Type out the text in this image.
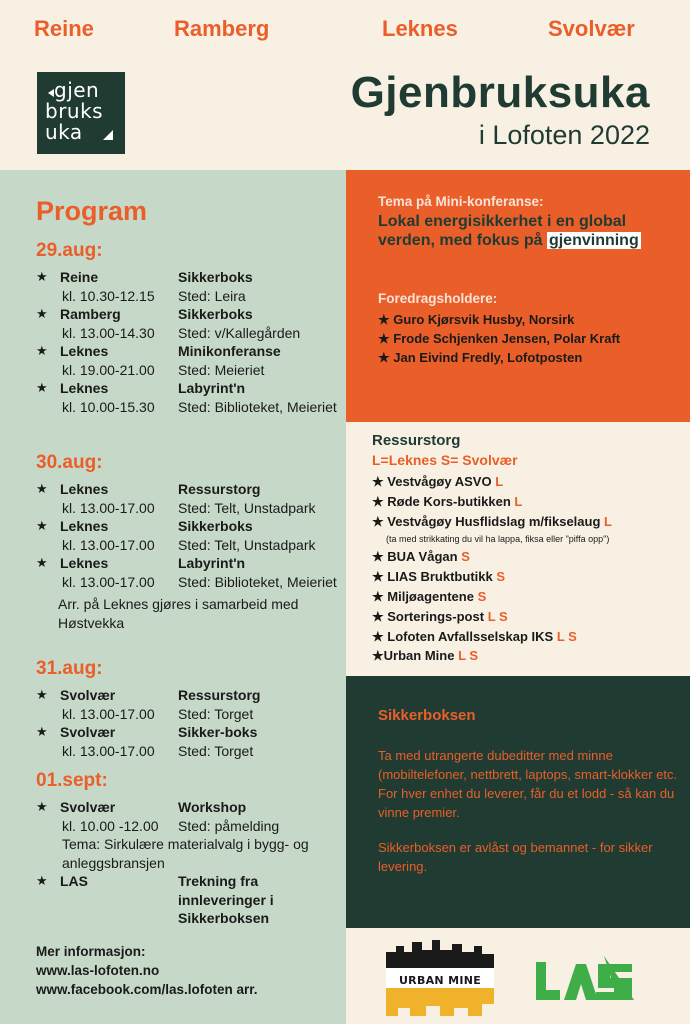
Reine	Ramberg	Leknes	Svolvær
gjen
bruks
uka
Gjenbruksuka
i Lofoten 2022
Program
29.aug:
★ Reine	Sikkerboks
kl. 10.30-12.15	Sted: Leira
★ Ramberg	Sikkerboks
kl. 13.00-14.30	Sted: v/Kallegården
★ Leknes	Minikonferanse
kl. 19.00-21.00	Sted: Meieriet
★ Leknes	Labyrint'n
kl. 10.00-15.30	Sted: Biblioteket, Meieriet
30.aug:
★ Leknes	Ressurstorg
kl. 13.00-17.00	Sted: Telt, Unstadpark
★ Leknes	Sikkerboks
kl. 13.00-17.00	Sted: Telt, Unstadpark
★ Leknes	Labyrint'n
kl. 13.00-17.00	Sted: Biblioteket, Meieriet
Arr. på Leknes gjøres i samarbeid med Høstvekka
31.aug:
★ Svolvær	Ressurstorg
kl. 13.00-17.00	Sted: Torget
★ Svolvær	Sikker-boks
kl. 13.00-17.00	Sted: Torget
01.sept:
★ Svolvær	Workshop
kl. 10.00 -12.00	Sted: påmelding
Tema: Sirkulære materialvalg i bygg- og anleggsbransjen
★ LAS	Trekning fra innleveringer i Sikkerboksen
Mer informasjon:
www.las-lofoten.no
www.facebook.com/las.lofoten arr.
Tema på Mini-konferanse:
Lokal energisikkerhet i en global verden, med fokus på gjenvinning
Foredragsholdere:
★ Guro Kjørsvik Husby, Norsirk
★ Frode Schjenken Jensen, Polar Kraft
★ Jan Eivind Fredly, Lofotposten
Ressurstorg
L=Leknes S= Svolvær
★ Vestvågøy ASVO L
★ Røde Kors-butikken L
★ Vestvågøy Husflidslag m/fikselaug L
(ta med strikkating du vil ha lappa, fiksa eller "piffa opp")
★ BUA Vågan S
★ LIAS Bruktbutikk S
★ Miljøagentene S
★ Sorterings-post L S
★ Lofoten Avfallsselskap IKS L S
★Urban Mine L S
Sikkerboksen
Ta med utrangerte dubeditter med minne (mobiltelefoner, nettbrett, laptops, smart-klokker etc. For hver enhet du leverer, får du et lodd - så kan du vinne premier.
Sikkerboksen er avlåst og bemannet - for sikker levering.
URBAN MINE
